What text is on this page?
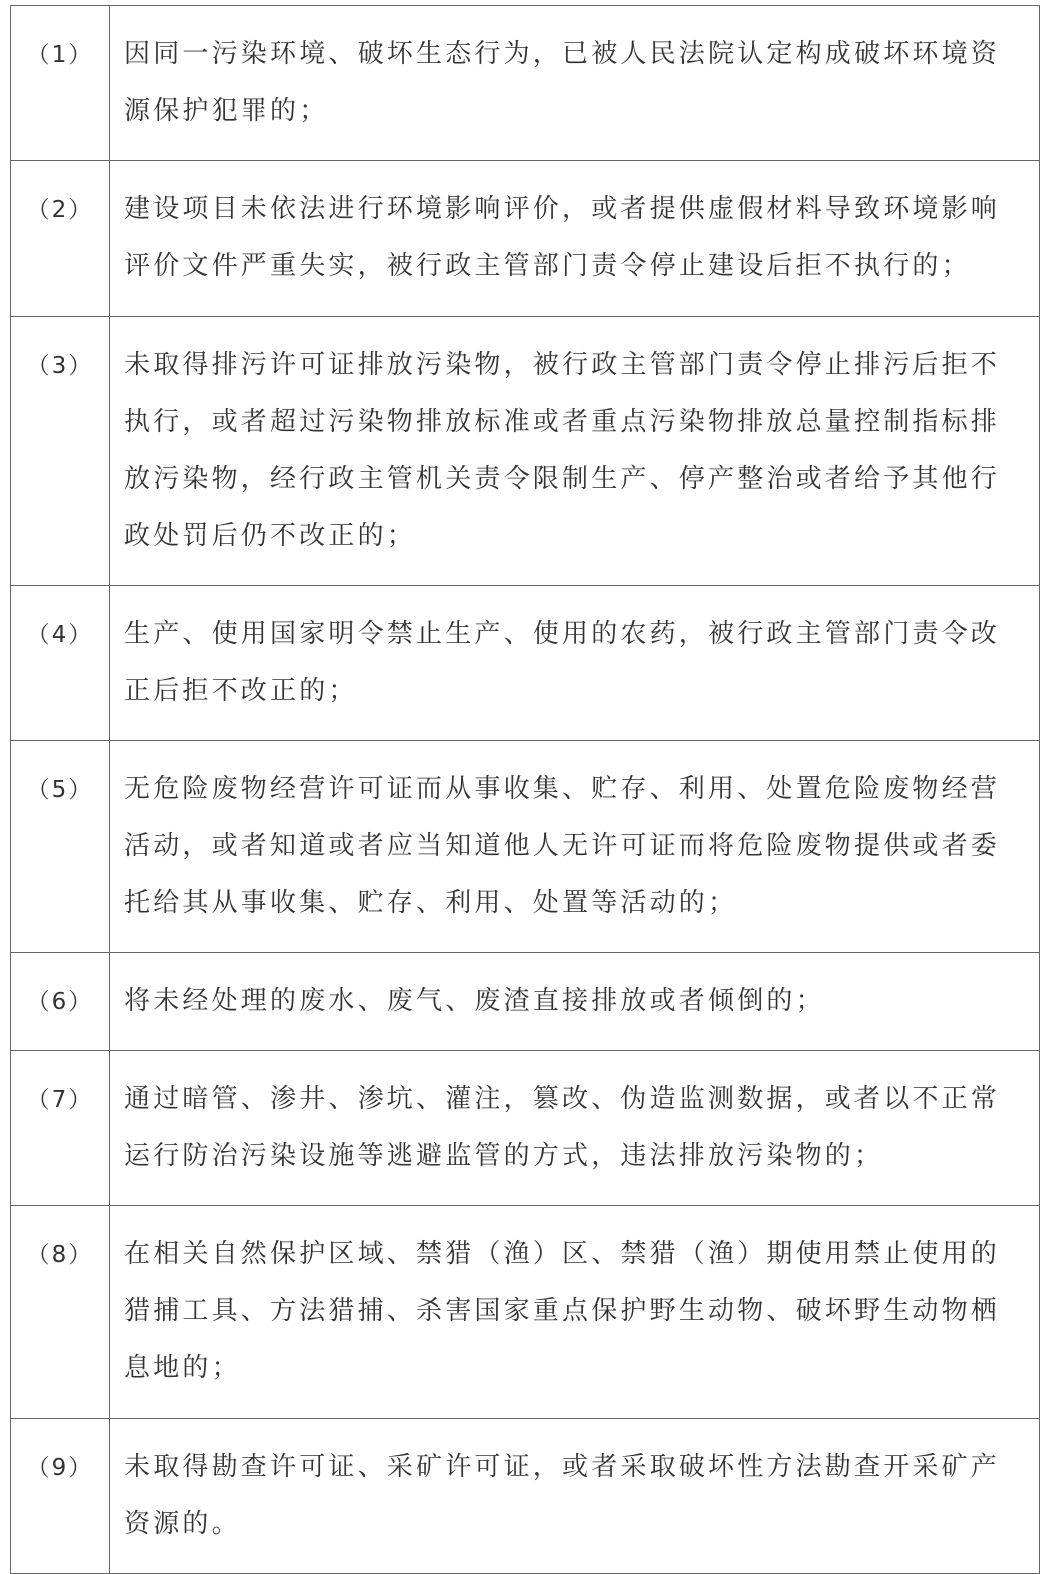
（1）	因同一污染环境、破坏生态行为，已被人民法院认定构成破坏环境资源保护犯罪的；
（2）	建设项目未依法进行环境影响评价，或者提供虚假材料导致环境影响评价文件严重失实，被行政主管部门责令停止建设后拒不执行的；
（3）	未取得排污许可证排放污染物，被行政主管部门责令停止排污后拒不执行，或者超过污染物排放标准或者重点污染物排放总量控制指标排放污染物，经行政主管机关责令限制生产、停产整治或者给予其他行政处罚后仍不改正的；
（4）	生产、使用国家明令禁止生产、使用的农药，被行政主管部门责令改正后拒不改正的；
（5）	无危险废物经营许可证而从事收集、贮存、利用、处置危险废物经营活动，或者知道或者应当知道他人无许可证而将危险废物提供或者委托给其从事收集、贮存、利用、处置等活动的；
（6）	将未经处理的废水、废气、废渣直接排放或者倾倒的；
（7）	通过暗管、渗井、渗坑、灌注，篡改、伪造监测数据，或者以不正常运行防治污染设施等逃避监管的方式，违法排放污染物的；
（8）	在相关自然保护区域、禁猎（渔）区、禁猎（渔）期使用禁止使用的猎捕工具、方法猎捕、杀害国家重点保护野生动物、破坏野生动物栖息地的；
（9）	未取得勘查许可证、采矿许可证，或者采取破坏性方法勘查开采矿产资源的。
